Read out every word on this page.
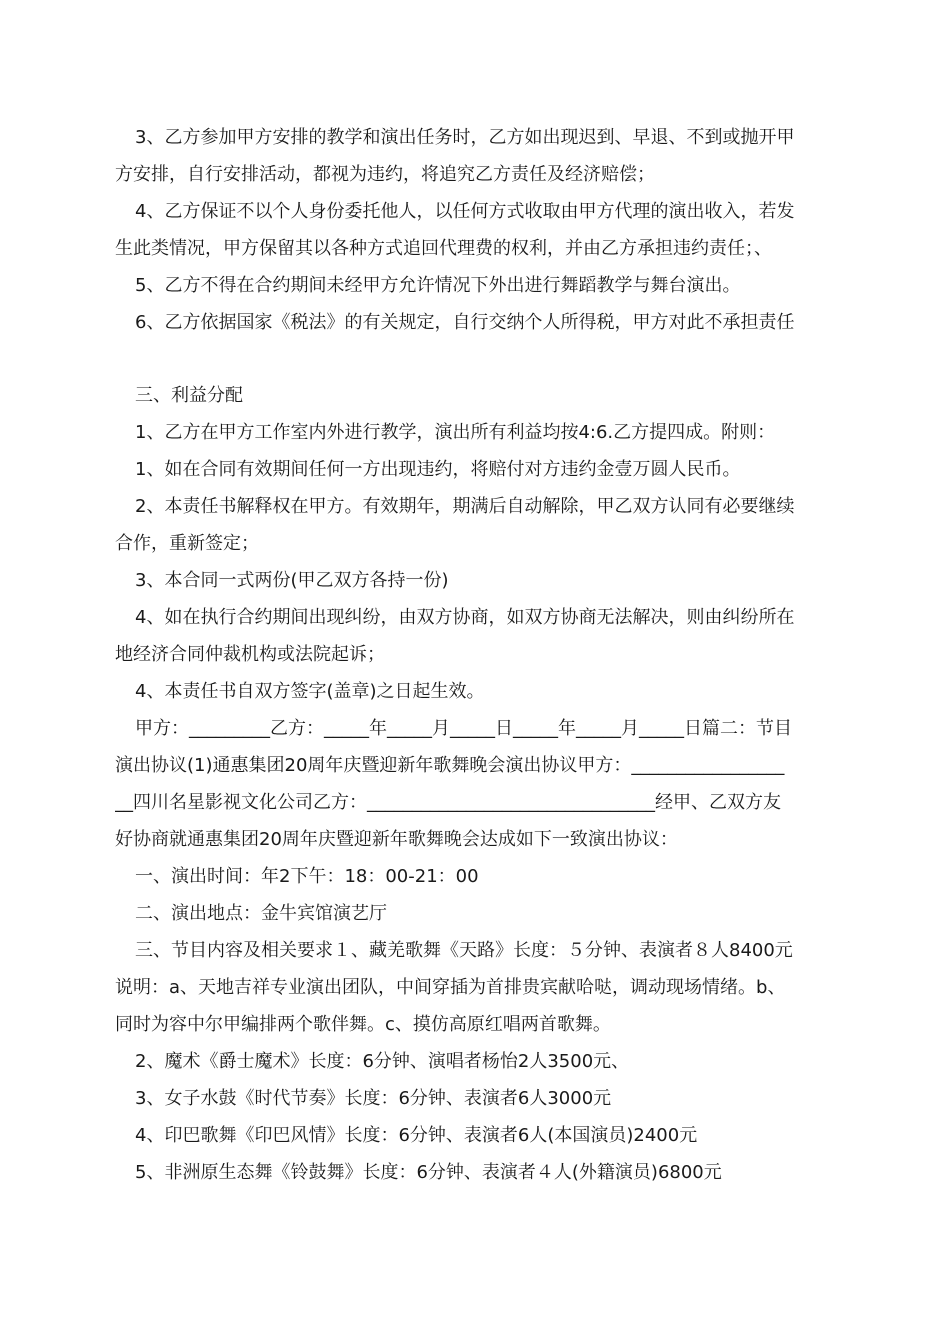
3、乙方参加甲方安排的教学和演出任务时，乙方如出现迟到、早退、不到或抛开甲

方安排，自行安排活动，都视为违约，将追究乙方责任及经济赔偿；

4、乙方保证不以个人身份委托他人，以任何方式收取由甲方代理的演出收入，若发

生此类情况，甲方保留其以各种方式追回代理费的权利，并由乙方承担违约责任；、

5、乙方不得在合约期间未经甲方允许情况下外出进行舞蹈教学与舞台演出。

6、乙方依据国家《税法》的有关规定，自行交纳个人所得税，甲方对此不承担责任

三、利益分配

1、乙方在甲方工作室内外进行教学，演出所有利益均按4:6.乙方提四成。附则：

1、如在合同有效期间任何一方出现违约，将赔付对方违约金壹万圆人民币。

2、本责任书解释权在甲方。有效期年，期满后自动解除，甲乙双方认同有必要继续

合作，重新签定；

3、本合同一式两份(甲乙双方各持一份)

4、如在执行合约期间出现纠纷，由双方协商，如双方协商无法解决，则由纠纷所在

地经济合同仲裁机构或法院起诉；

4、本责任书自双方签字(盖章)之日起生效。

甲方：_________乙方：_____年_____月_____日_____年_____月_____日篇二：节目

演出协议(1)通惠集团20周年庆暨迎新年歌舞晚会演出协议甲方：_________________

__四川名星影视文化公司乙方：________________________________经甲、乙双方友

好协商就通惠集团20周年庆暨迎新年歌舞晚会达成如下一致演出协议：

一、演出时间：年2下午：18：00-21：00

二、演出地点：金牛宾馆演艺厅

三、节目内容及相关要求１、藏羌歌舞《天路》长度：５分钟、表演者８人8400元

说明：a、天地吉祥专业演出团队，中间穿插为首排贵宾献哈哒，调动现场情绪。b、

同时为容中尔甲编排两个歌伴舞。c、摸仿高原红唱两首歌舞。

2、魔术《爵士魔术》长度：6分钟、演唱者杨怡2人3500元、

3、女子水鼓《时代节奏》长度：6分钟、表演者6人3000元

4、印巴歌舞《印巴风情》长度：6分钟、表演者6人(本国演员)2400元

5、非洲原生态舞《铃鼓舞》长度：6分钟、表演者４人(外籍演员)6800元
